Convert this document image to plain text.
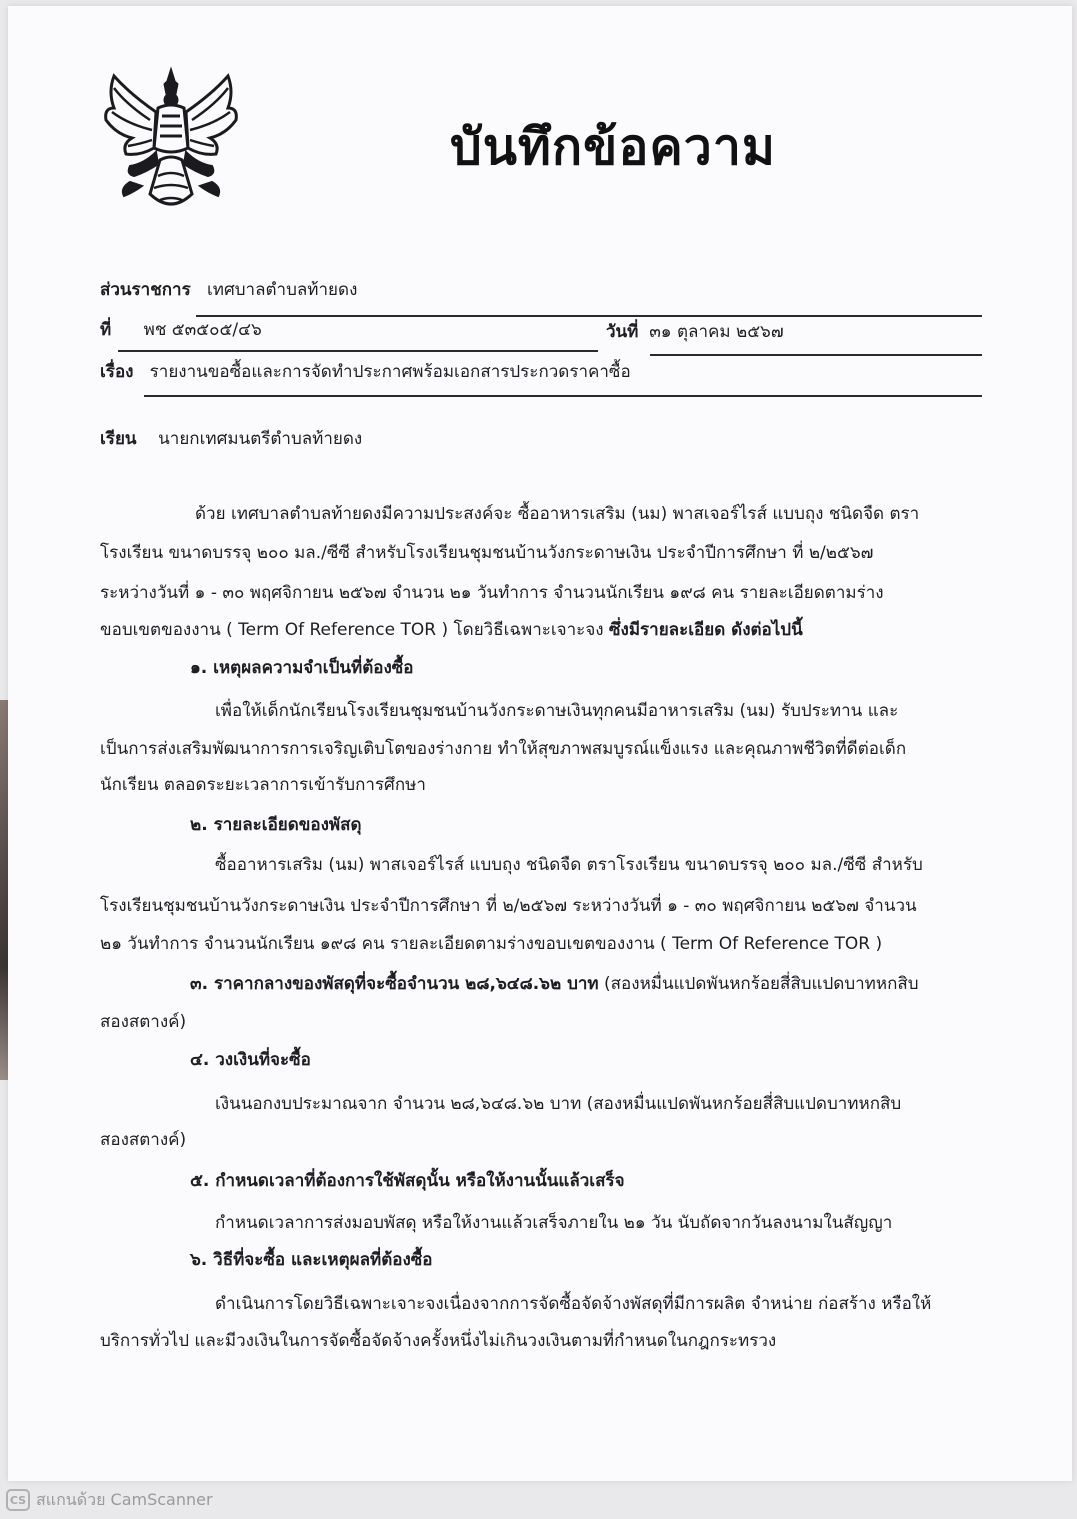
บันทึกข้อความ
ส่วนราชการ เทศบาลตำบลท้ายดง
ที่ พช ๕๓๕๐๕/๔๖	วันที่ ๓๑ ตุลาคม ๒๕๖๗
เรื่อง รายงานขอซื้อและการจัดทำประกาศพร้อมเอกสารประกวดราคาซื้อ
เรียน นายกเทศมนตรีตำบลท้ายดง
ด้วย เทศบาลตำบลท้ายดงมีความประสงค์จะ ซื้ออาหารเสริม (นม) พาสเจอร์ไรส์ แบบถุง ชนิดจืด ตรา
โรงเรียน ขนาดบรรจุ ๒๐๐ มล./ซีซี สำหรับโรงเรียนชุมชนบ้านวังกระดาษเงิน ประจำปีการศึกษา ที่ ๒/๒๕๖๗
ระหว่างวันที่ ๑ - ๓๐ พฤศจิกายน ๒๕๖๗ จำนวน ๒๑ วันทำการ จำนวนนักเรียน ๑๙๘ คน รายละเอียดตามร่าง
ขอบเขตของงาน ( Term Of Reference TOR ) โดยวิธีเฉพาะเจาะจง ซึ่งมีรายละเอียด ดังต่อไปนี้
๑. เหตุผลความจำเป็นที่ต้องซื้อ
เพื่อให้เด็กนักเรียนโรงเรียนชุมชนบ้านวังกระดาษเงินทุกคนมีอาหารเสริม (นม) รับประทาน และ
เป็นการส่งเสริมพัฒนาการการเจริญเติบโตของร่างกาย ทำให้สุขภาพสมบูรณ์แข็งแรง และคุณภาพชีวิตที่ดีต่อเด็ก
นักเรียน ตลอดระยะเวลาการเข้ารับการศึกษา
๒. รายละเอียดของพัสดุ
ซื้ออาหารเสริม (นม) พาสเจอร์ไรส์ แบบถุง ชนิดจืด ตราโรงเรียน ขนาดบรรจุ ๒๐๐ มล./ซีซี สำหรับ
โรงเรียนชุมชนบ้านวังกระดาษเงิน ประจำปีการศึกษา ที่ ๒/๒๕๖๗ ระหว่างวันที่ ๑ - ๓๐ พฤศจิกายน ๒๕๖๗ จำนวน
๒๑ วันทำการ จำนวนนักเรียน ๑๙๘ คน รายละเอียดตามร่างขอบเขตของงาน ( Term Of Reference TOR )
๓. ราคากลางของพัสดุที่จะซื้อจำนวน ๒๘,๖๔๘.๖๒ บาท (สองหมื่นแปดพันหกร้อยสี่สิบแปดบาทหกสิบ
สองสตางค์)
๔. วงเงินที่จะซื้อ
เงินนอกงบประมาณจาก จำนวน ๒๘,๖๔๘.๖๒ บาท (สองหมื่นแปดพันหกร้อยสี่สิบแปดบาทหกสิบ
สองสตางค์)
๕. กำหนดเวลาที่ต้องการใช้พัสดุนั้น หรือให้งานนั้นแล้วเสร็จ
กำหนดเวลาการส่งมอบพัสดุ หรือให้งานแล้วเสร็จภายใน ๒๑ วัน นับถัดจากวันลงนามในสัญญา
๖. วิธีที่จะซื้อ และเหตุผลที่ต้องซื้อ
ดำเนินการโดยวิธีเฉพาะเจาะจงเนื่องจากการจัดซื้อจัดจ้างพัสดุที่มีการผลิต จำหน่าย ก่อสร้าง หรือให้
บริการทั่วไป และมีวงเงินในการจัดซื้อจัดจ้างครั้งหนึ่งไม่เกินวงเงินตามที่กำหนดในกฎกระทรวง
CS สแกนด้วย CamScanner
